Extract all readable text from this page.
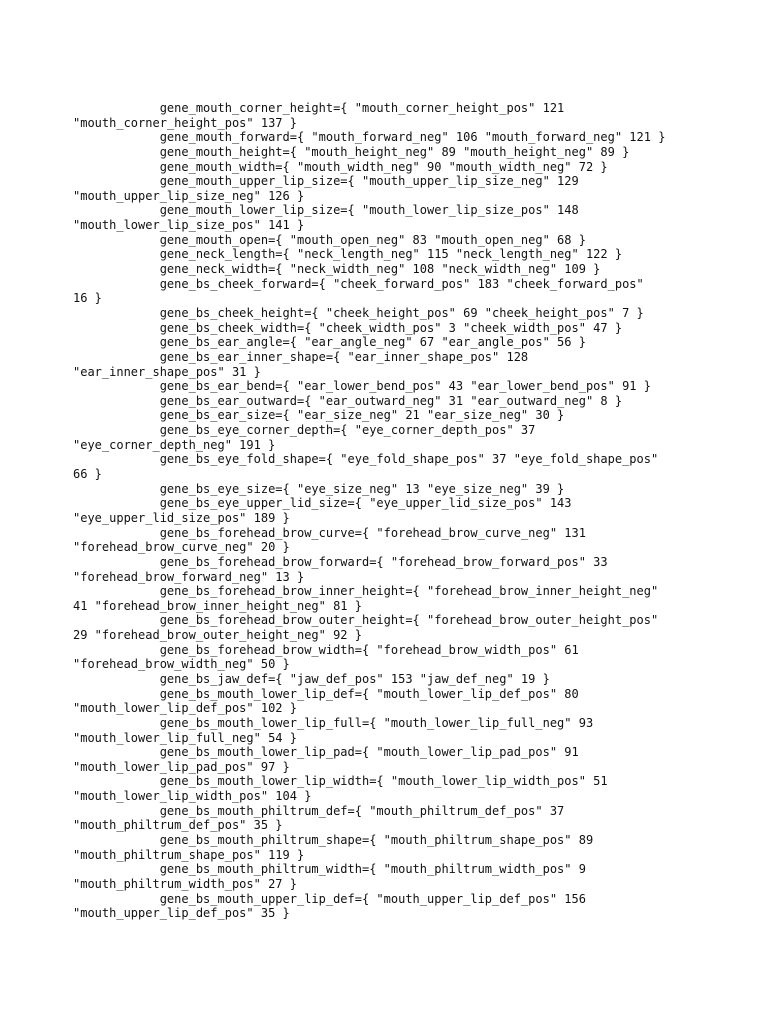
gene_mouth_corner_height={ "mouth_corner_height_pos" 121
"mouth_corner_height_pos" 137 }
gene_mouth_forward={ "mouth_forward_neg" 106 "mouth_forward_neg" 121 }
gene_mouth_height={ "mouth_height_neg" 89 "mouth_height_neg" 89 }
gene_mouth_width={ "mouth_width_neg" 90 "mouth_width_neg" 72 }
gene_mouth_upper_lip_size={ "mouth_upper_lip_size_neg" 129
"mouth_upper_lip_size_neg" 126 }
gene_mouth_lower_lip_size={ "mouth_lower_lip_size_pos" 148
"mouth_lower_lip_size_pos" 141 }
gene_mouth_open={ "mouth_open_neg" 83 "mouth_open_neg" 68 }
gene_neck_length={ "neck_length_neg" 115 "neck_length_neg" 122 }
gene_neck_width={ "neck_width_neg" 108 "neck_width_neg" 109 }
gene_bs_cheek_forward={ "cheek_forward_pos" 183 "cheek_forward_pos"
16 }
gene_bs_cheek_height={ "cheek_height_pos" 69 "cheek_height_pos" 7 }
gene_bs_cheek_width={ "cheek_width_pos" 3 "cheek_width_pos" 47 }
gene_bs_ear_angle={ "ear_angle_neg" 67 "ear_angle_pos" 56 }
gene_bs_ear_inner_shape={ "ear_inner_shape_pos" 128
"ear_inner_shape_pos" 31 }
gene_bs_ear_bend={ "ear_lower_bend_pos" 43 "ear_lower_bend_pos" 91 }
gene_bs_ear_outward={ "ear_outward_neg" 31 "ear_outward_neg" 8 }
gene_bs_ear_size={ "ear_size_neg" 21 "ear_size_neg" 30 }
gene_bs_eye_corner_depth={ "eye_corner_depth_pos" 37
"eye_corner_depth_neg" 191 }
gene_bs_eye_fold_shape={ "eye_fold_shape_pos" 37 "eye_fold_shape_pos"
66 }
gene_bs_eye_size={ "eye_size_neg" 13 "eye_size_neg" 39 }
gene_bs_eye_upper_lid_size={ "eye_upper_lid_size_pos" 143
"eye_upper_lid_size_pos" 189 }
gene_bs_forehead_brow_curve={ "forehead_brow_curve_neg" 131
"forehead_brow_curve_neg" 20 }
gene_bs_forehead_brow_forward={ "forehead_brow_forward_pos" 33
"forehead_brow_forward_neg" 13 }
gene_bs_forehead_brow_inner_height={ "forehead_brow_inner_height_neg"
41 "forehead_brow_inner_height_neg" 81 }
gene_bs_forehead_brow_outer_height={ "forehead_brow_outer_height_pos"
29 "forehead_brow_outer_height_neg" 92 }
gene_bs_forehead_brow_width={ "forehead_brow_width_pos" 61
"forehead_brow_width_neg" 50 }
gene_bs_jaw_def={ "jaw_def_pos" 153 "jaw_def_neg" 19 }
gene_bs_mouth_lower_lip_def={ "mouth_lower_lip_def_pos" 80
"mouth_lower_lip_def_pos" 102 }
gene_bs_mouth_lower_lip_full={ "mouth_lower_lip_full_neg" 93
"mouth_lower_lip_full_neg" 54 }
gene_bs_mouth_lower_lip_pad={ "mouth_lower_lip_pad_pos" 91
"mouth_lower_lip_pad_pos" 97 }
gene_bs_mouth_lower_lip_width={ "mouth_lower_lip_width_pos" 51
"mouth_lower_lip_width_pos" 104 }
gene_bs_mouth_philtrum_def={ "mouth_philtrum_def_pos" 37
"mouth_philtrum_def_pos" 35 }
gene_bs_mouth_philtrum_shape={ "mouth_philtrum_shape_pos" 89
"mouth_philtrum_shape_pos" 119 }
gene_bs_mouth_philtrum_width={ "mouth_philtrum_width_pos" 9
"mouth_philtrum_width_pos" 27 }
gene_bs_mouth_upper_lip_def={ "mouth_upper_lip_def_pos" 156
"mouth_upper_lip_def_pos" 35 }
